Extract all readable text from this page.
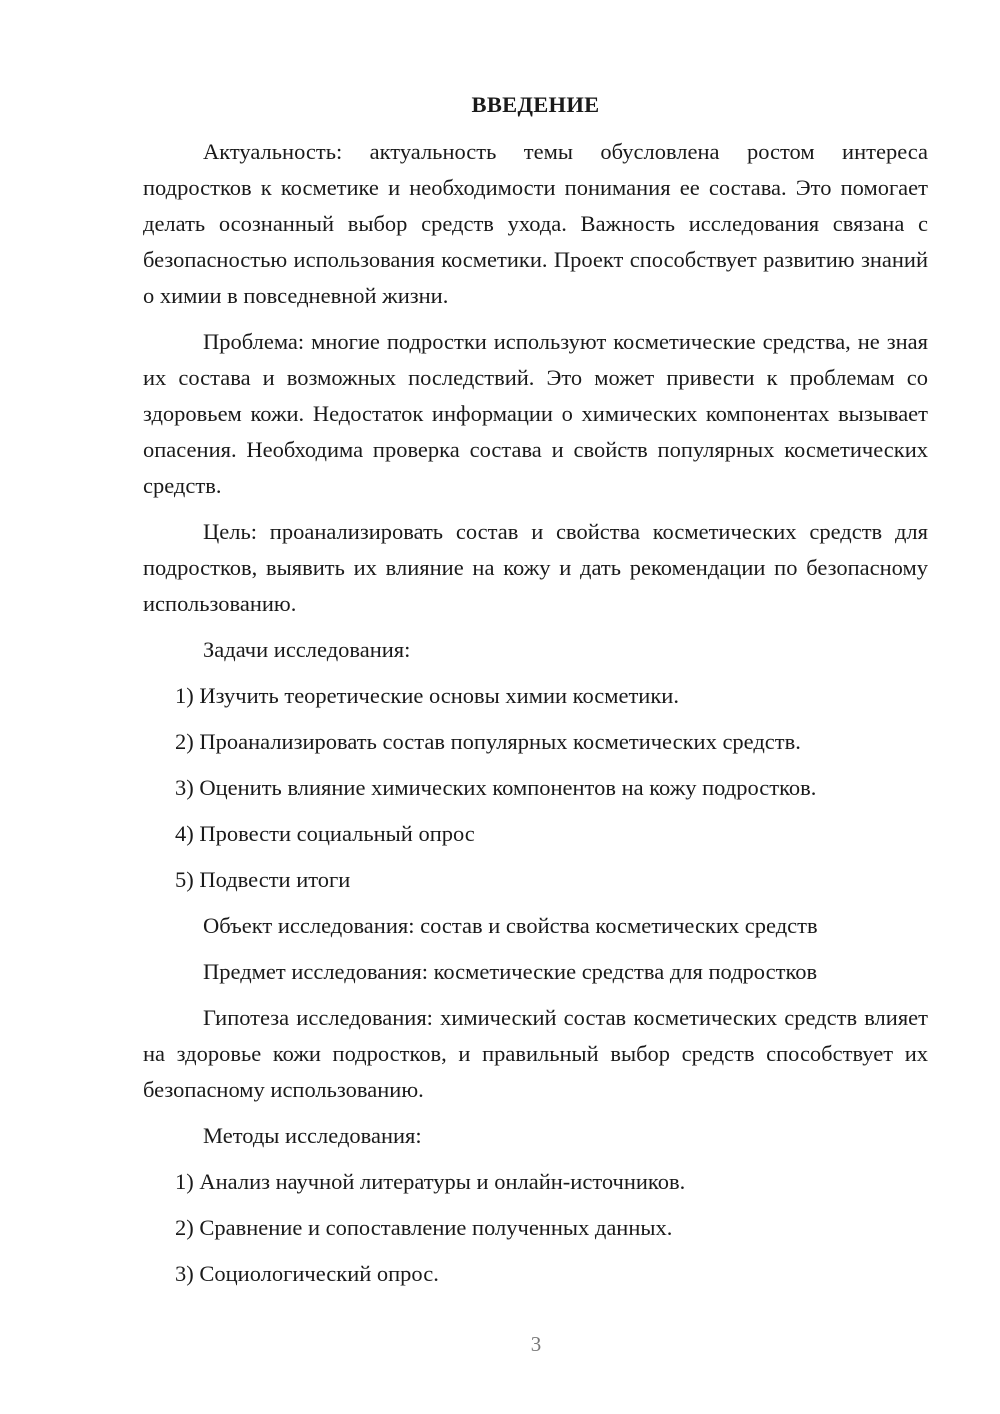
ВВЕДЕНИЕ

Актуальность: актуальность темы обусловлена ростом интереса подростков к косметике и необходимости понимания ее состава. Это помогает делать осознанный выбор средств ухода. Важность исследования связана с безопасностью использования косметики. Проект способствует развитию знаний о химии в повседневной жизни.

Проблема: многие подростки используют косметические средства, не зная их состава и возможных последствий. Это может привести к проблемам со здоровьем кожи. Недостаток информации о химических компонентах вызывает опасения. Необходима проверка состава и свойств популярных косметических средств.

Цель: проанализировать состав и свойства косметических средств для подростков, выявить их влияние на кожу и дать рекомендации по безопасному использованию.

Задачи исследования:

1) Изучить теоретические основы химии косметики.
2) Проанализировать состав популярных косметических средств.
3) Оценить влияние химических компонентов на кожу подростков.
4) Провести социальный опрос
5) Подвести итоги

Объект исследования: состав и свойства косметических средств

Предмет исследования: косметические средства для подростков

Гипотеза исследования: химический состав косметических средств влияет на здоровье кожи подростков, и правильный выбор средств способствует их безопасному использованию.

Методы исследования:

1) Анализ научной литературы и онлайн-источников.
2) Сравнение и сопоставление полученных данных.
3) Социологический опрос.
3
